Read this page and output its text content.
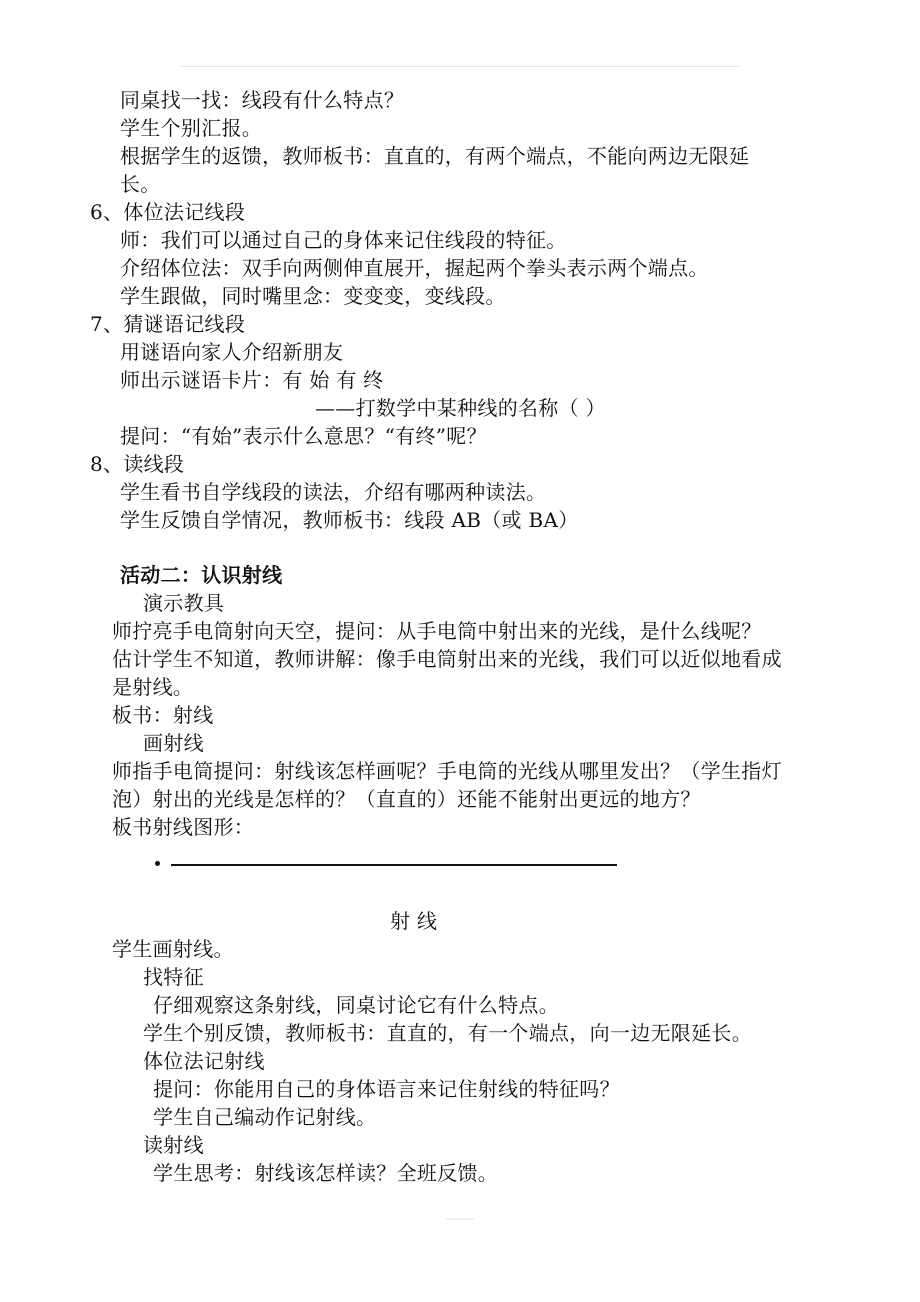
同桌找一找：线段有什么特点？
学生个别汇报。
根据学生的返馈，教师板书：直直的，有两个端点，不能向两边无限延
长。
6、体位法记线段
师：我们可以通过自己的身体来记住线段的特征。
介绍体位法：双手向两侧伸直展开，握起两个拳头表示两个端点。
学生跟做，同时嘴里念：变变变，变线段。
7、猜谜语记线段
用谜语向家人介绍新朋友
师出示谜语卡片：有 始 有 终
——打数学中某种线的名称（ ）
提问：“有始”表示什么意思？“有终”呢？
8、读线段
学生看书自学线段的读法，介绍有哪两种读法。
学生反馈自学情况，教师板书：线段 AB（或 BA）
活动二：认识射线
演示教具
师拧亮手电筒射向天空，提问：从手电筒中射出来的光线，是什么线呢？
估计学生不知道，教师讲解：像手电筒射出来的光线，我们可以近似地看成
是射线。
板书：射线
画射线
师指手电筒提问：射线该怎样画呢？手电筒的光线从哪里发出？（学生指灯
泡）射出的光线是怎样的？（直直的）还能不能射出更远的地方？
板书射线图形：
射 线
学生画射线。
找特征
仔细观察这条射线，同桌讨论它有什么特点。
学生个别反馈，教师板书：直直的，有一个端点，向一边无限延长。
体位法记射线
提问：你能用自己的身体语言来记住射线的特征吗？
学生自己编动作记射线。
读射线
学生思考：射线该怎样读？全班反馈。
